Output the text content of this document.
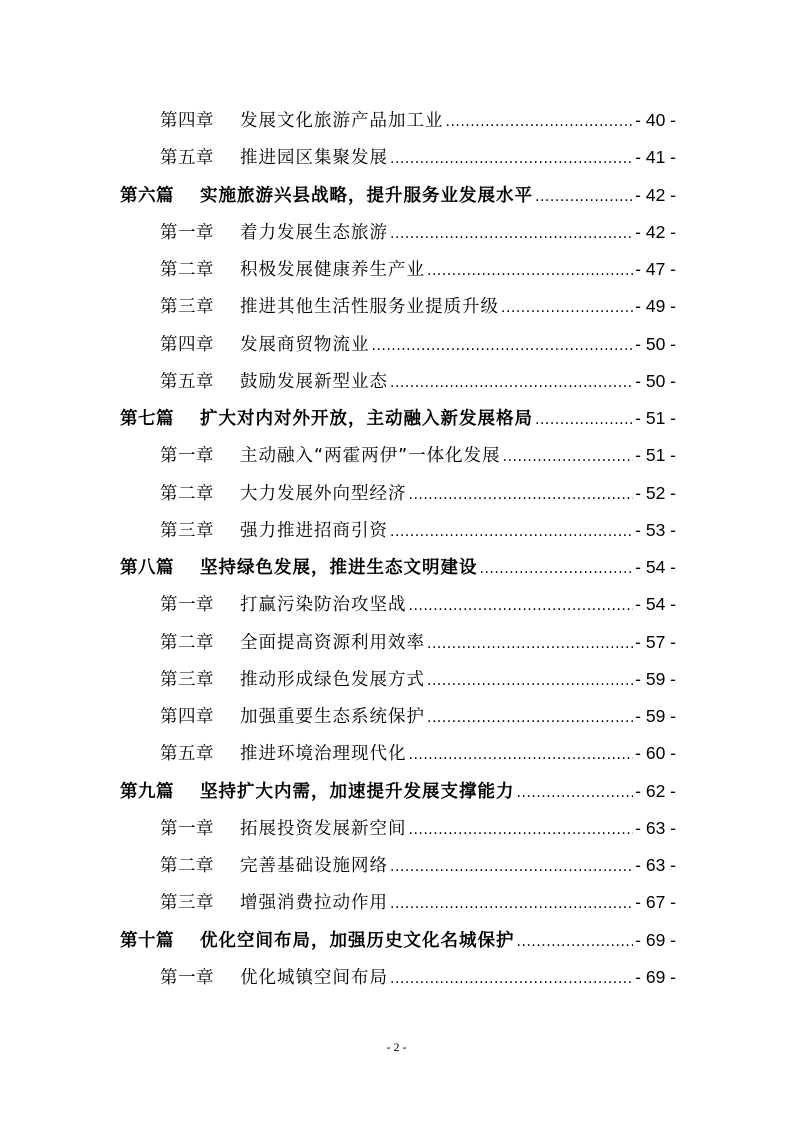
第四章	发展文化旅游产品加工业 .....	- 40 -
第五章	推进园区集聚发展 .....	- 41 -
第六篇	实施旅游兴县战略，提升服务业发展水平 .....	- 42 -
第一章	着力发展生态旅游 .....	- 42 -
第二章	积极发展健康养生产业 .....	- 47 -
第三章	推进其他生活性服务业提质升级 .....	- 49 -
第四章	发展商贸物流业 .....	- 50 -
第五章	鼓励发展新型业态 .....	- 50 -
第七篇	扩大对内对外开放，主动融入新发展格局 .....	- 51 -
第一章	主动融入“两霍两伊”一体化发展 .....	- 51 -
第二章	大力发展外向型经济 .....	- 52 -
第三章	强力推进招商引资 .....	- 53 -
第八篇	坚持绿色发展，推进生态文明建设 .....	- 54 -
第一章	打赢污染防治攻坚战 .....	- 54 -
第二章	全面提高资源利用效率 .....	- 57 -
第三章	推动形成绿色发展方式 .....	- 59 -
第四章	加强重要生态系统保护 .....	- 59 -
第五章	推进环境治理现代化 .....	- 60 -
第九篇	坚持扩大内需，加速提升发展支撑能力 .....	- 62 -
第一章	拓展投资发展新空间 .....	- 63 -
第二章	完善基础设施网络 .....	- 63 -
第三章	增强消费拉动作用 .....	- 67 -
第十篇	优化空间布局，加强历史文化名城保护 .....	- 69 -
第一章	优化城镇空间布局 .....	- 69 -
- 2 -
